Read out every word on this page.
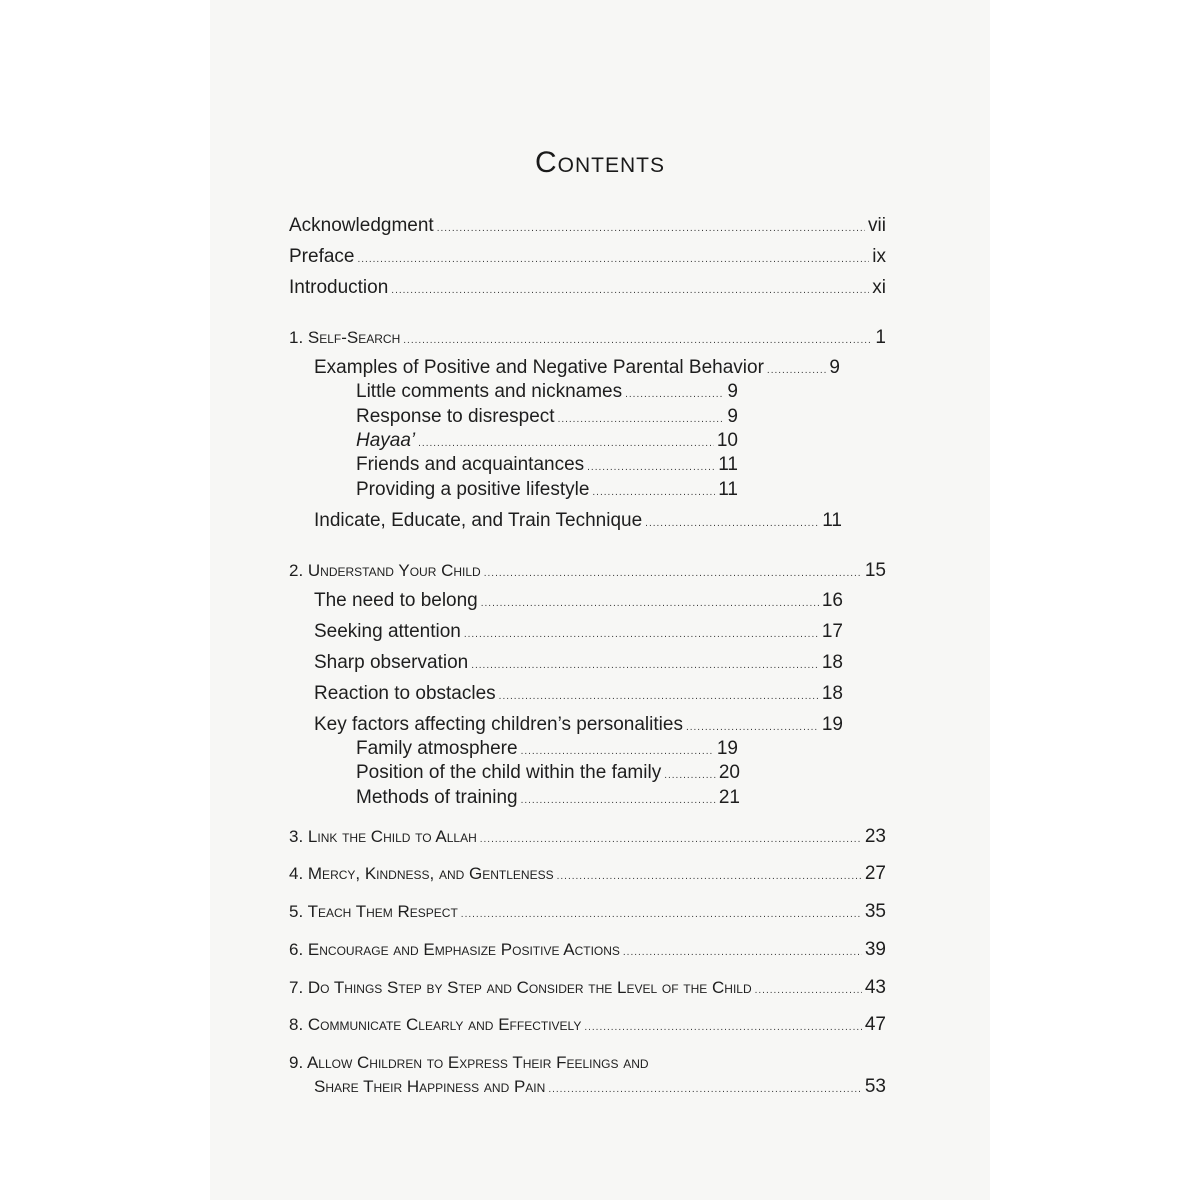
Contents
Acknowledgment .....	vii
Preface .....	ix
Introduction .....	xi
1. Self-Search .....	1
Examples of Positive and Negative Parental Behavior .....	9
Little comments and nicknames .....	9
Response to disrespect .....	9
Hayaa’ .....	10
Friends and acquaintances .....	11
Providing a positive lifestyle .....	11
Indicate, Educate, and Train Technique .....	11
2. Understand Your Child .....	15
The need to belong .....	16
Seeking attention .....	17
Sharp observation .....	18
Reaction to obstacles .....	18
Key factors affecting children’s personalities .....	19
Family atmosphere .....	19
Position of the child within the family .....	20
Methods of training .....	21
3. Link the Child to Allah .....	23
4. Mercy, Kindness, and Gentleness .....	27
5. Teach Them Respect .....	35
6. Encourage and Emphasize Positive Actions .....	39
7. Do Things Step by Step and Consider the Level of the Child .....	43
8. Communicate Clearly and Effectively .....	47
9. Allow Children to Express Their Feelings and
Share Their Happiness and Pain .....	53
